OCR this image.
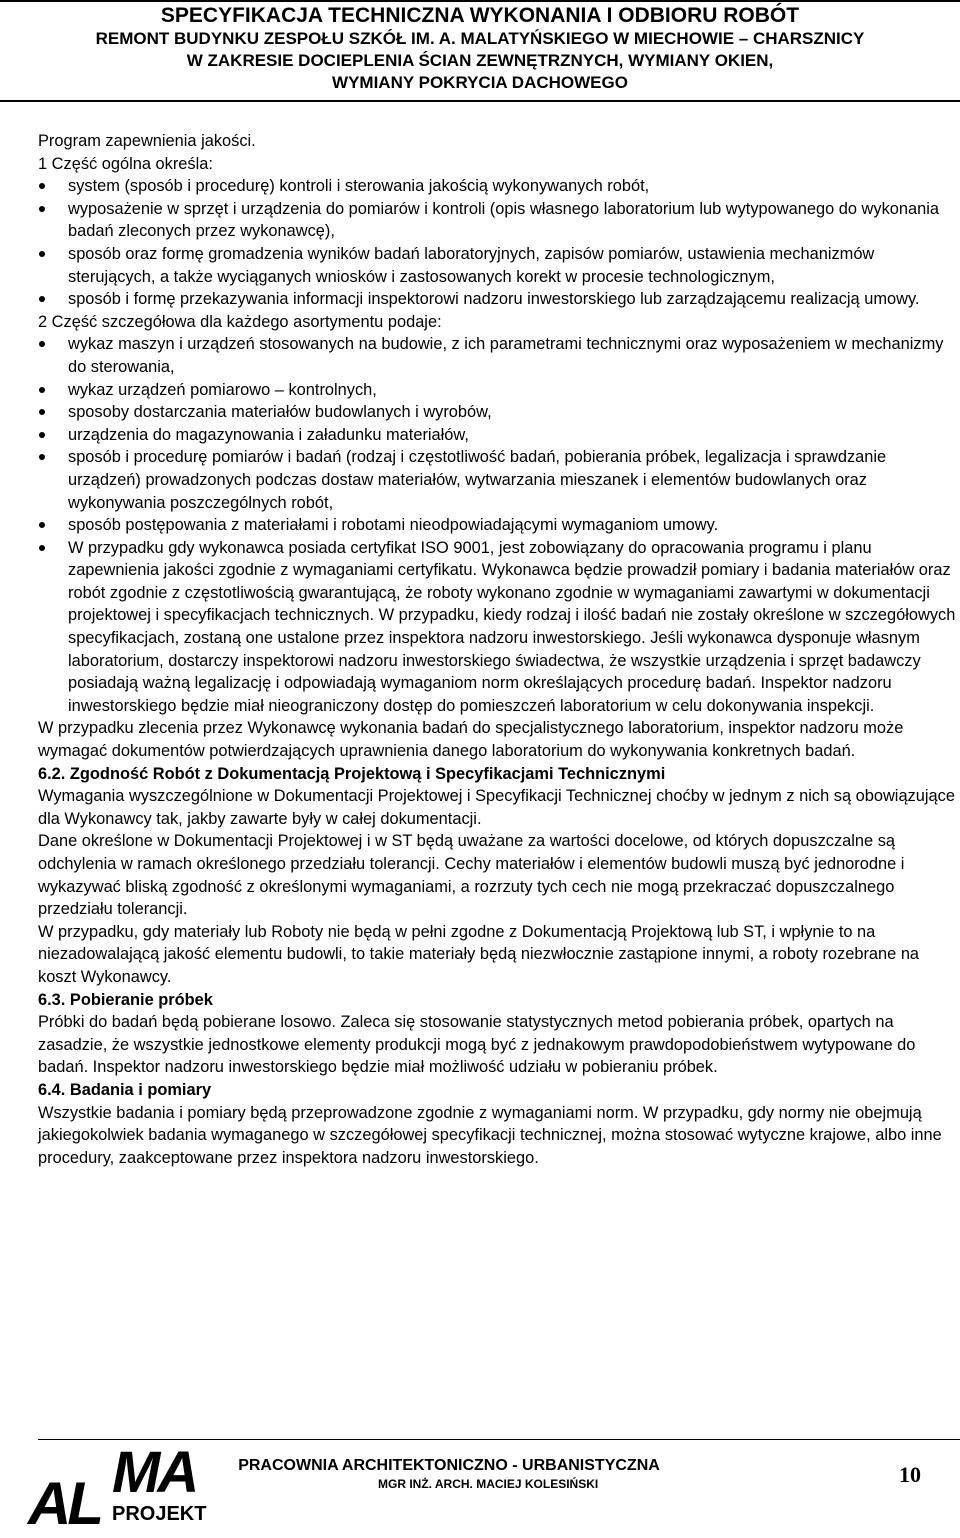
SPECYFIKACJA TECHNICZNA WYKONANIA I ODBIORU ROBÓT
REMONT BUDYNKU ZESPOŁU SZKÓŁ IM. A. MALATYŃSKIEGO W MIECHOWIE – CHARSZNICY
W ZAKRESIE DOCIEPLENIA ŚCIAN ZEWNĘTRZNYCH, WYMIANY OKIEN,
WYMIANY POKRYCIA DACHOWEGO

Program zapewnienia jakości.

1 Część ogólna określa:

system (sposób i procedurę) kontroli i sterowania jakością wykonywanych robót,
wyposażenie w sprzęt i urządzenia do pomiarów i kontroli (opis własnego laboratorium lub wytypowanego do wykonania badań zleconych przez wykonawcę),
sposób oraz formę gromadzenia wyników badań laboratoryjnych, zapisów pomiarów, ustawienia mechanizmów sterujących, a także wyciąganych wniosków i zastosowanych korekt w procesie technologicznym,
sposób i formę przekazywania informacji inspektorowi nadzoru inwestorskiego lub zarządzającemu realizacją umowy.

2 Część szczegółowa dla każdego asortymentu podaje:

wykaz maszyn i urządzeń stosowanych na budowie, z ich parametrami technicznymi oraz wyposażeniem w mechanizmy do sterowania,
wykaz urządzeń pomiarowo – kontrolnych,
sposoby dostarczania materiałów budowlanych i wyrobów,
urządzenia do magazynowania i załadunku materiałów,
sposób i procedurę pomiarów i badań (rodzaj i częstotliwość badań, pobierania próbek, legalizacja i sprawdzanie urządzeń) prowadzonych podczas dostaw materiałów, wytwarzania mieszanek i elementów budowlanych oraz wykonywania poszczególnych robót,
sposób postępowania z materiałami i robotami nieodpowiadającymi wymaganiom umowy.
W przypadku gdy wykonawca posiada certyfikat ISO 9001, jest zobowiązany do opracowania programu i planu zapewnienia jakości zgodnie z wymaganiami certyfikatu. Wykonawca będzie prowadził pomiary i badania materiałów oraz robót zgodnie z częstotliwością gwarantującą, że roboty wykonano zgodnie w wymaganiami zawartymi w dokumentacji projektowej i specyfikacjach technicznych. W przypadku, kiedy rodzaj i ilość badań nie zostały określone w szczegółowych specyfikacjach, zostaną one ustalone przez inspektora nadzoru inwestorskiego. Jeśli wykonawca dysponuje własnym laboratorium, dostarczy inspektorowi nadzoru inwestorskiego świadectwa, że wszystkie urządzenia i sprzęt badawczy posiadają ważną legalizację i odpowiadają wymaganiom norm określających procedurę badań. Inspektor nadzoru inwestorskiego będzie miał nieograniczony dostęp do pomieszczeń laboratorium w celu dokonywania inspekcji.

W przypadku zlecenia przez Wykonawcę wykonania badań do specjalistycznego laboratorium, inspektor nadzoru może wymagać dokumentów potwierdzających uprawnienia danego laboratorium do wykonywania konkretnych badań.

6.2. Zgodność Robót z Dokumentacją Projektową i Specyfikacjami Technicznymi

Wymagania wyszczególnione w Dokumentacji Projektowej i Specyfikacji Technicznej choćby w jednym z nich są obowiązujące dla Wykonawcy tak, jakby zawarte były w całej dokumentacji.

Dane określone w Dokumentacji Projektowej i w ST będą uważane za wartości docelowe, od których dopuszczalne są odchylenia w ramach określonego przedziału tolerancji. Cechy materiałów i elementów budowli muszą być jednorodne i wykazywać bliską zgodność z określonymi wymaganiami, a rozrzuty tych cech nie mogą przekraczać dopuszczalnego przedziału tolerancji.

W przypadku, gdy materiały lub Roboty nie będą w pełni zgodne z Dokumentacją Projektową lub ST, i wpłynie to na niezadowalającą jakość elementu budowli, to takie materiały będą niezwłocznie zastąpione innymi, a roboty rozebrane na koszt Wykonawcy.

6.3. Pobieranie próbek

Próbki do badań będą pobierane losowo. Zaleca się stosowanie statystycznych metod pobierania próbek, opartych na zasadzie, że wszystkie jednostkowe elementy produkcji mogą być z jednakowym prawdopodobieństwem wytypowane do badań. Inspektor nadzoru inwestorskiego będzie miał możliwość udziału w pobieraniu próbek.

6.4. Badania i pomiary

Wszystkie badania i pomiary będą przeprowadzone zgodnie z wymaganiami norm. W przypadku, gdy normy nie obejmują jakiegokolwiek badania wymaganego w szczegółowej specyfikacji technicznej, można stosować wytyczne krajowe, albo inne procedury, zaakceptowane przez inspektora nadzoru inwestorskiego.

MA
AL PROJEKT
PRACOWNIA ARCHITEKTONICZNO - URBANISTYCZNA
MGR INŻ. ARCH. MACIEJ KOLESIŃSKI	10
